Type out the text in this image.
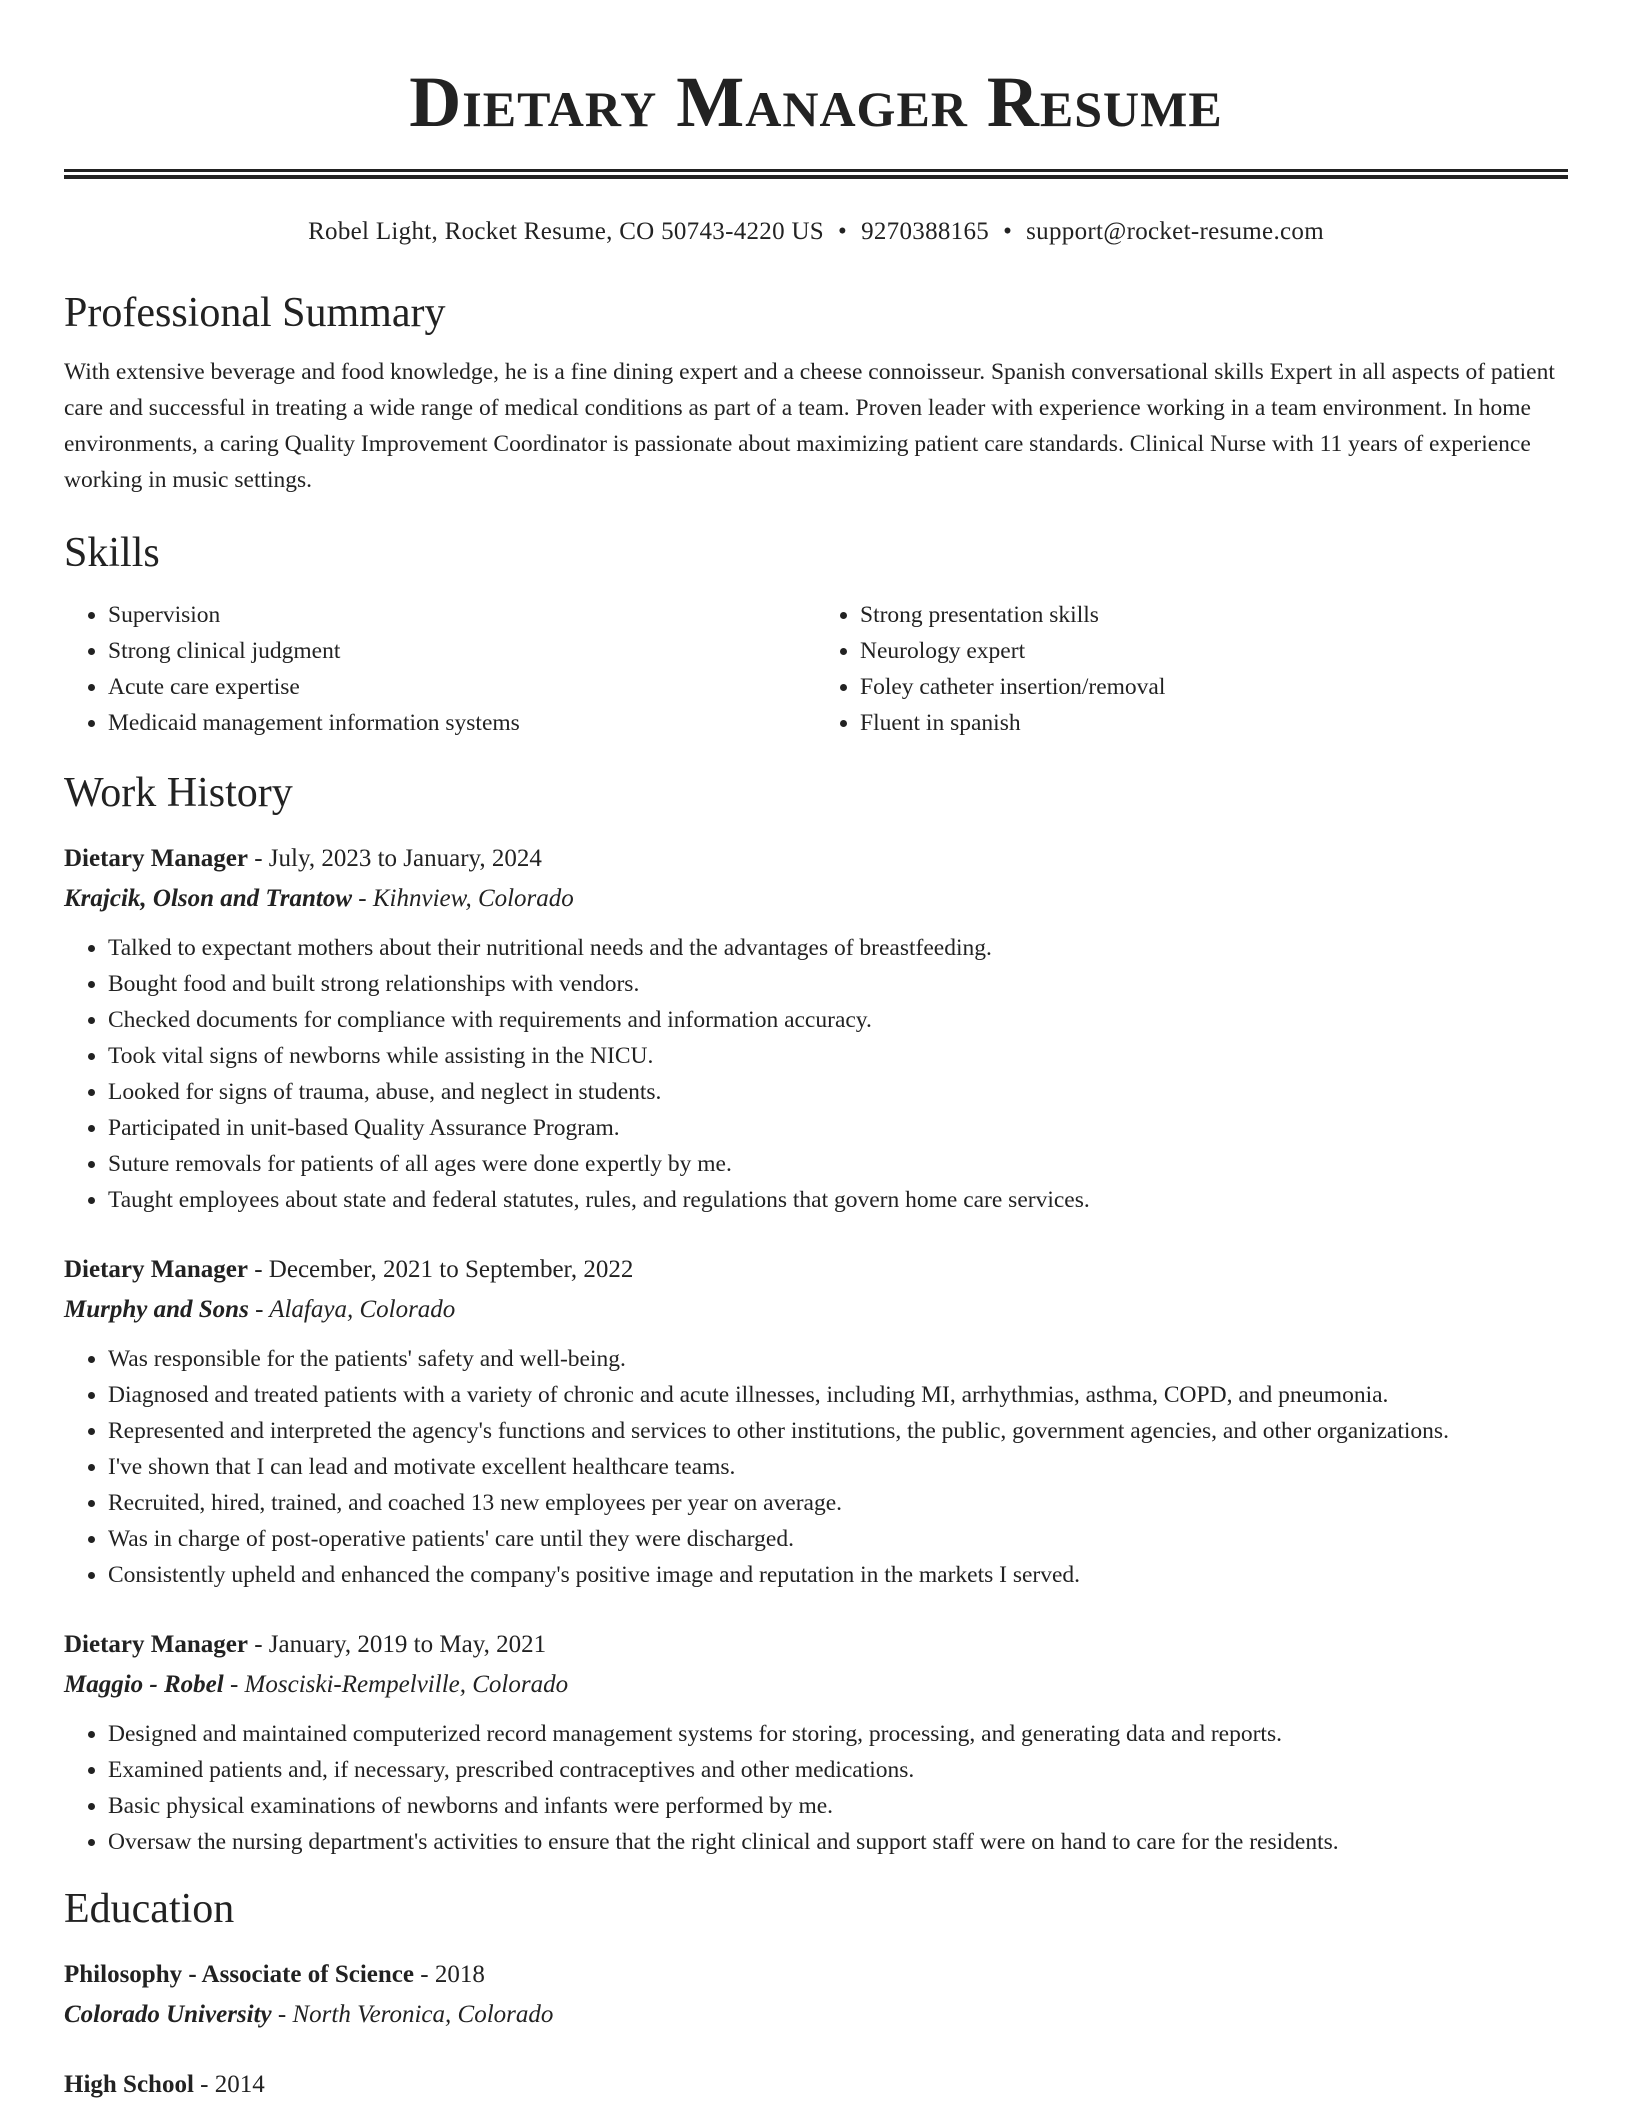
Dietary Manager Resume
Robel Light, Rocket Resume, CO 50743-4220 US • 9270388165 • support@rocket-resume.com
Professional Summary

With extensive beverage and food knowledge, he is a fine dining expert and a cheese connoisseur. Spanish conversational skills Expert in all aspects of patient care and successful in treating a wide range of medical conditions as part of a team. Proven leader with experience working in a team environment. In home environments, a caring Quality Improvement Coordinator is passionate about maximizing patient care standards. Clinical Nurse with 11 years of experience working in music settings.

Skills
• Supervision
• Strong clinical judgment
• Acute care expertise
• Medicaid management information systems
• Strong presentation skills
• Neurology expert
• Foley catheter insertion/removal
• Fluent in spanish
Work History
Dietary Manager - July, 2023 to January, 2024
Krajcik, Olson and Trantow - Kihnview, Colorado
• Talked to expectant mothers about their nutritional needs and the advantages of breastfeeding.
• Bought food and built strong relationships with vendors.
• Checked documents for compliance with requirements and information accuracy.
• Took vital signs of newborns while assisting in the NICU.
• Looked for signs of trauma, abuse, and neglect in students.
• Participated in unit-based Quality Assurance Program.
• Suture removals for patients of all ages were done expertly by me.
• Taught employees about state and federal statutes, rules, and regulations that govern home care services.
Dietary Manager - December, 2021 to September, 2022
Murphy and Sons - Alafaya, Colorado
• Was responsible for the patients' safety and well-being.
• Diagnosed and treated patients with a variety of chronic and acute illnesses, including MI, arrhythmias, asthma, COPD, and pneumonia.
• Represented and interpreted the agency's functions and services to other institutions, the public, government agencies, and other organizations.
• I've shown that I can lead and motivate excellent healthcare teams.
• Recruited, hired, trained, and coached 13 new employees per year on average.
• Was in charge of post-operative patients' care until they were discharged.
• Consistently upheld and enhanced the company's positive image and reputation in the markets I served.
Dietary Manager - January, 2019 to May, 2021
Maggio - Robel - Mosciski-Rempelville, Colorado
• Designed and maintained computerized record management systems for storing, processing, and generating data and reports.
• Examined patients and, if necessary, prescribed contraceptives and other medications.
• Basic physical examinations of newborns and infants were performed by me.
• Oversaw the nursing department's activities to ensure that the right clinical and support staff were on hand to care for the residents.
Education
Philosophy - Associate of Science - 2018
Colorado University - North Veronica, Colorado
High School - 2014
